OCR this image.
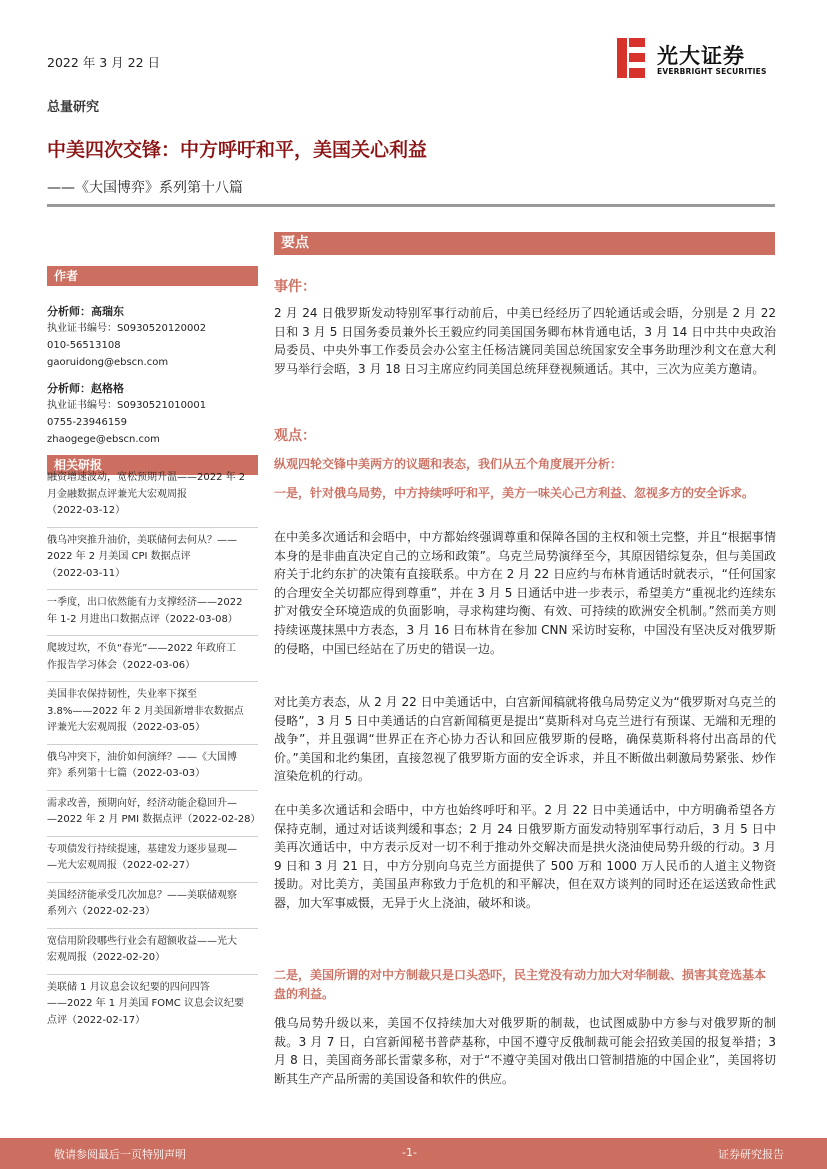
2022 年 3 月 22 日	光大证券
EVERBRIGHT SECURITIES
总量研究
中美四次交锋：中方呼吁和平，美国关心利益
——《大国博弈》系列第十八篇
作者
分析师：高瑞东
执业证书编号：S0930520120002
010-56513108
gaoruidong@ebscn.com
分析师：赵格格
执业证书编号：S0930521010001
0755-23946159
zhaogege@ebscn.com
相关研报
融资增速波动，宽松预期升温——2022 年 2
月金融数据点评兼光大宏观周报
（2022-03-12）
俄乌冲突推升油价，美联储何去何从？——
2022 年 2 月美国 CPI 数据点评
（2022-03-11）
一季度，出口依然能有力支撑经济——2022
年 1-2 月进出口数据点评（2022-03-08）
爬坡过坎，不负“春光”——2022 年政府工
作报告学习体会（2022-03-06）
美国非农保持韧性，失业率下探至
3.8%——2022 年 2 月美国新增非农数据点
评兼光大宏观周报（2022-03-05）
俄乌冲突下，油价如何演绎？——《大国博
弈》系列第十七篇（2022-03-03）
需求改善，预期向好，经济动能企稳回升—
—2022 年 2 月 PMI 数据点评（2022-02-28）
专项债发行持续提速，基建发力逐步显现—
—光大宏观周报（2022-02-27）
美国经济能承受几次加息？——美联储观察
系列六（2022-02-23）
宽信用阶段哪些行业会有超额收益——光大
宏观周报（2022-02-20）
美联储 1 月议息会议纪要的四问四答
——2022 年 1 月美国 FOMC 议息会议纪要
点评（2022-02-17）
要点
事件：

2 月 24 日俄罗斯发动特别军事行动前后，中美已经经历了四轮通话或会晤，分别是 2 月 22 日和 3 月 5 日国务委员兼外长王毅应约同美国国务卿布林肯通电话，3 月 14 日中共中央政治局委员、中央外事工作委员会办公室主任杨洁篪同美国总统国家安全事务助理沙利文在意大利罗马举行会晤，3 月 18 日习主席应约同美国总统拜登视频通话。其中，三次为应美方邀请。

观点：

纵观四轮交锋中美两方的议题和表态，我们从五个角度展开分析：

一是，针对俄乌局势，中方持续呼吁和平，美方一味关心己方利益、忽视多方的安全诉求。

在中美多次通话和会晤中，中方都始终强调尊重和保障各国的主权和领土完整，并且“根据事情本身的是非曲直决定自己的立场和政策”。乌克兰局势演绎至今，其原因错综复杂，但与美国政府关于北约东扩的决策有直接联系。中方在 2 月 22 日应约与布林肯通话时就表示，“任何国家的合理安全关切都应得到尊重”，并在 3 月 5 日通话中进一步表示，希望美方“重视北约连续东扩对俄安全环境造成的负面影响，寻求构建均衡、有效、可持续的欧洲安全机制。”然而美方则持续诬蔑抹黑中方表态，3 月 16 日布林肯在参加 CNN 采访时妄称，中国没有坚决反对俄罗斯的侵略，中国已经站在了历史的错误一边。

对比美方表态，从 2 月 22 日中美通话中，白宫新闻稿就将俄乌局势定义为“俄罗斯对乌克兰的侵略”，3 月 5 日中美通话的白宫新闻稿更是提出“莫斯科对乌克兰进行有预谋、无端和无理的战争”，并且强调“世界正在齐心协力否认和回应俄罗斯的侵略，确保莫斯科将付出高昂的代价。”美国和北约集团，直接忽视了俄罗斯方面的安全诉求，并且不断做出刺激局势紧张、炒作渲染危机的行动。

在中美多次通话和会晤中，中方也始终呼吁和平。2 月 22 日中美通话中，中方明确希望各方保持克制，通过对话谈判缓和事态；2 月 24 日俄罗斯方面发动特别军事行动后，3 月 5 日中美再次通话中，中方表示反对一切不利于推动外交解决而是拱火浇油使局势升级的行动。3 月 9 日和 3 月 21 日，中方分别向乌克兰方面提供了 500 万和 1000 万人民币的人道主义物资援助。对比美方，美国虽声称致力于危机的和平解决，但在双方谈判的同时还在运送致命性武器，加大军事威慑，无异于火上浇油，破坏和谈。

二是，美国所谓的对中方制裁只是口头恐吓，民主党没有动力加大对华制裁、损害其竞选基本盘的利益。

俄乌局势升级以来，美国不仅持续加大对俄罗斯的制裁，也试图威胁中方参与对俄罗斯的制裁。3 月 7 日，白宫新闻秘书普萨基称，中国不遵守反俄制裁可能会招致美国的报复举措；3 月 8 日，美国商务部长雷蒙多称，对于“不遵守美国对俄出口管制措施的中国企业”，美国将切断其生产产品所需的美国设备和软件的供应。

敬请参阅最后一页特别声明	-1-	证券研究报告
